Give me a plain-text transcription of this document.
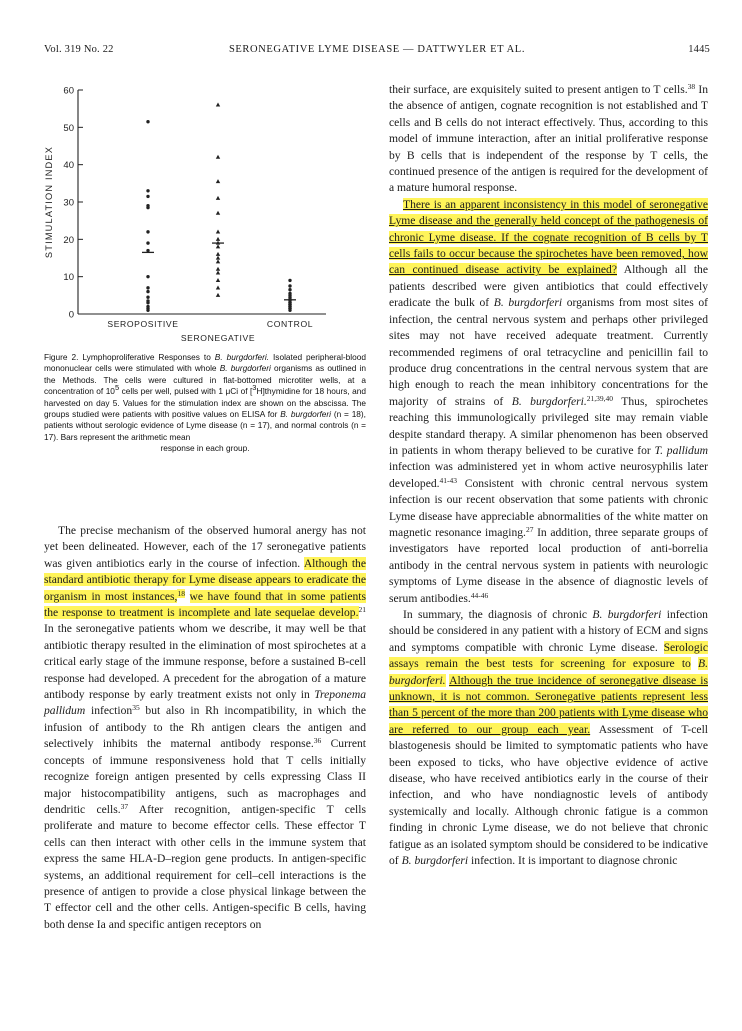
Vol. 319 No. 22	SERONEGATIVE LYME DISEASE — DATTWYLER ET AL.	1445
0
10
20
30
40
50
60
STIMULATION INDEX
SEROPOSITIVE
SERONEGATIVE
CONTROL
Figure 2. Lymphoproliferative Responses to B. burgdorferi. Isolated peripheral-blood mononuclear cells were stimulated with whole B. burgdorferi organisms as outlined in the Methods. The cells were cultured in flat-bottomed microtiter wells, at a concentration of $10^5$ cells per well, pulsed with 1 μCi of [$^3$H]thymidine for 18 hours, and harvested on day 5. Values for the stimulation index are shown on the abscissa. The groups studied were patients with positive values on ELISA for B. burgdorferi (n = 18), patients without serologic evidence of Lyme disease (n = 17), and normal controls (n = 17). Bars represent the arithmetic mean
response in each group.

The precise mechanism of the observed humoral anergy has not yet been delineated. However, each of the 17 seronegative patients was given antibiotics early in the course of infection. Although the standard antibiotic therapy for Lyme disease appears to eradicate the organism in most instances,$^{18}$ we have found that in some patients the response to treatment is incomplete and late sequelae develop.$^{21}$ In the seronegative patients whom we describe, it may well be that antibiotic therapy resulted in the elimination of most spirochetes at a critical early stage of the immune response, before a sustained B-cell response had developed. A precedent for the abrogation of a mature antibody response by early treatment exists not only in Treponema pallidum infection$^{35}$ but also in Rh incompatibility, in which the infusion of antibody to the Rh antigen clears the antigen and selectively inhibits the maternal antibody response.$^{36}$ Current concepts of immune responsiveness hold that T cells initially recognize foreign antigen presented by cells expressing Class II major histocompatibility antigens, such as macrophages and dendritic cells.$^{37}$ After recognition, antigen-specific T cells proliferate and mature to become effector cells. These effector T cells can then interact with other cells in the immune system that express the same HLA-D–region gene products. In antigen-specific systems, an additional requirement for cell–cell interactions is the presence of antigen to provide a close physical linkage between the T effector cell and the other cells. Antigen-specific B cells, having both dense Ia and specific antigen receptors on

their surface, are exquisitely suited to present antigen to T cells.$^{38}$ In the absence of antigen, cognate recognition is not established and T cells and B cells do not interact effectively. Thus, according to this model of immune interaction, after an initial proliferative response by B cells that is independent of the response by T cells, the continued presence of the antigen is required for the development of a mature humoral response.

There is an apparent inconsistency in this model of seronegative Lyme disease and the generally held concept of the pathogenesis of chronic Lyme disease. If the cognate recognition of B cells by T cells fails to occur because the spirochetes have been removed, how can continued disease activity be explained? Although all the patients described were given antibiotics that could effectively eradicate the bulk of B. burgdorferi organisms from most sites of infection, the central nervous system and perhaps other privileged sites may not have received adequate treatment. Currently recommended regimens of oral tetracycline and penicillin fail to produce drug concentrations in the central nervous system that are high enough to reach the mean inhibitory concentrations for the majority of strains of B. burgdorferi.$^{21,39,40}$ Thus, spirochetes reaching this immunologically privileged site may remain viable despite standard therapy. A similar phenomenon has been observed in patients in whom therapy believed to be curative for T. pallidum infection was administered yet in whom active neurosyphilis later developed.$^{41-43}$ Consistent with chronic central nervous system infection is our recent observation that some patients with chronic Lyme disease have appreciable abnormalities of the white matter on magnetic resonance imaging.$^{27}$ In addition, three separate groups of investigators have reported local production of anti-borrelia antibody in the central nervous system in patients with neurologic symptoms of Lyme disease in the absence of diagnostic levels of serum antibodies.$^{44-46}$

In summary, the diagnosis of chronic B. burgdorferi infection should be considered in any patient with a history of ECM and signs and symptoms compatible with chronic Lyme disease. Serologic assays remain the best tests for screening for exposure to B. burgdorferi. Although the true incidence of seronegative disease is unknown, it is not common. Seronegative patients represent less than 5 percent of the more than 200 patients with Lyme disease who are referred to our group each year. Assessment of T-cell blastogenesis should be limited to symptomatic patients who have been exposed to ticks, who have objective evidence of active disease, who have received antibiotics early in the course of their infection, and who have nondiagnostic levels of antibody systemically and locally. Although chronic fatigue is a common finding in chronic Lyme disease, we do not believe that chronic fatigue as an isolated symptom should be considered to be indicative of B. burgdorferi infection. It is important to diagnose chronic
